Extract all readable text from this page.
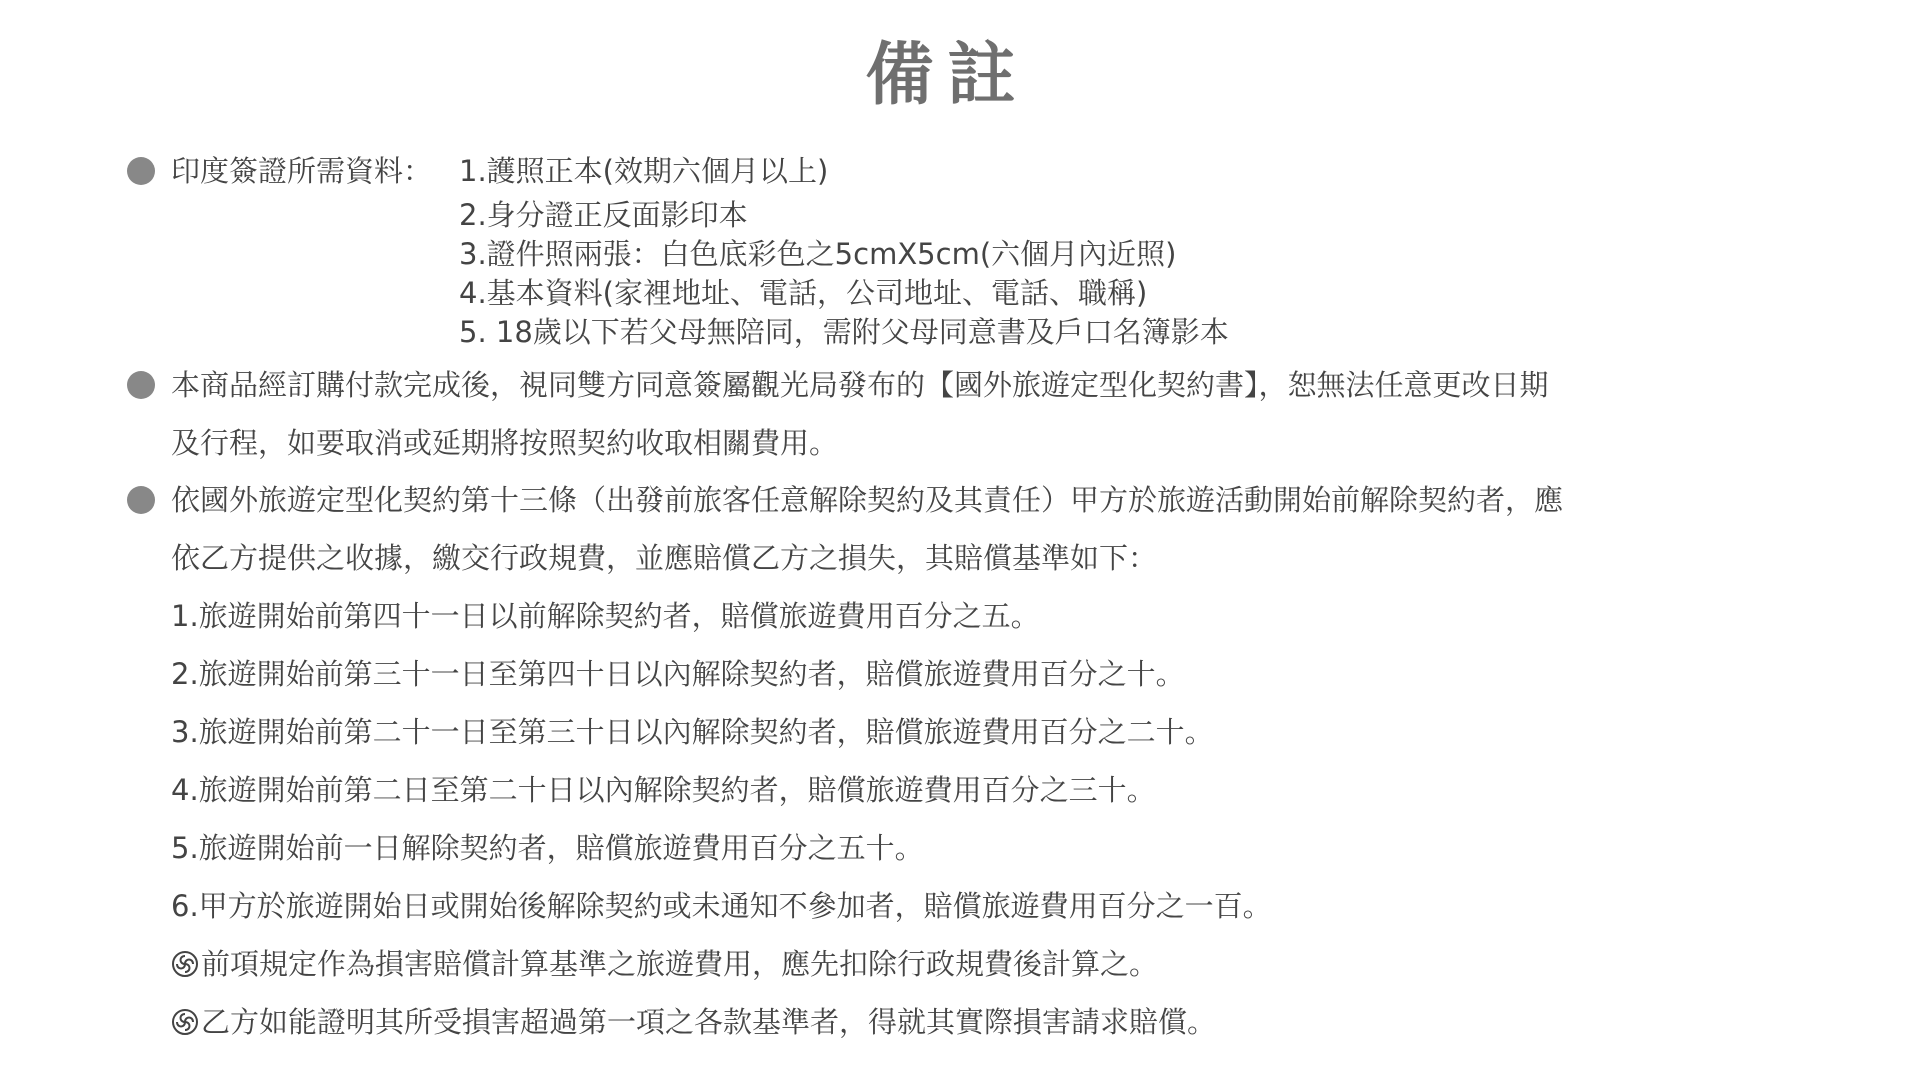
備註
印度簽證所需資料： 1.護照正本(效期六個月以上)
2.身分證正反面影印本
3.證件照兩張：白色底彩色之5cmX5cm(六個月內近照)
4.基本資料(家裡地址、電話，公司地址、電話、職稱)
5. 18歲以下若父母無陪同，需附父母同意書及戶口名簿影本
本商品經訂購付款完成後，視同雙方同意簽屬觀光局發布的【國外旅遊定型化契約書】，恕無法任意更改日期
及行程，如要取消或延期將按照契約收取相關費用。
依國外旅遊定型化契約第十三條（出發前旅客任意解除契約及其責任）甲方於旅遊活動開始前解除契約者，應
依乙方提供之收據，繳交行政規費，並應賠償乙方之損失，其賠償基準如下：
1.旅遊開始前第四十一日以前解除契約者，賠償旅遊費用百分之五。
2.旅遊開始前第三十一日至第四十日以內解除契約者，賠償旅遊費用百分之十。
3.旅遊開始前第二十一日至第三十日以內解除契約者，賠償旅遊費用百分之二十。
4.旅遊開始前第二日至第二十日以內解除契約者，賠償旅遊費用百分之三十。
5.旅遊開始前一日解除契約者，賠償旅遊費用百分之五十。
6.甲方於旅遊開始日或開始後解除契約或未通知不參加者，賠償旅遊費用百分之一百。
前項規定作為損害賠償計算基準之旅遊費用，應先扣除行政規費後計算之。
乙方如能證明其所受損害超過第一項之各款基準者，得就其實際損害請求賠償。
